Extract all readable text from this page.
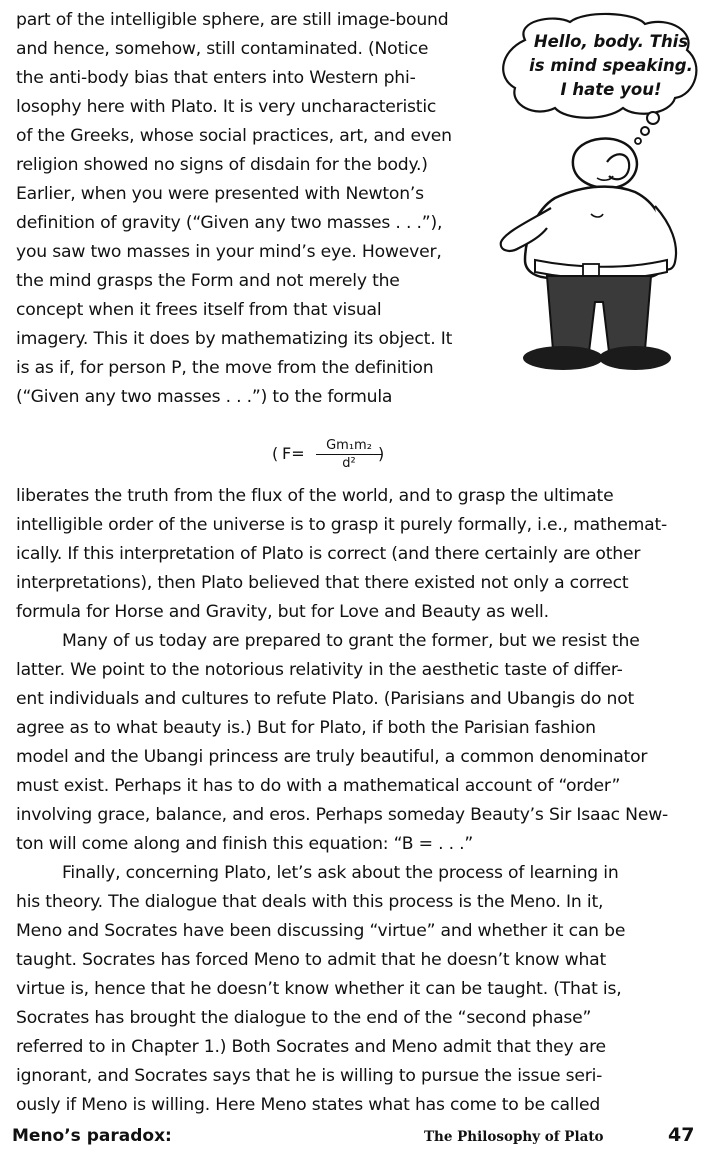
part of the intelligible sphere, are still image-bound
and hence, somehow, still contaminated. (Notice
the anti-body bias that enters into Western phi-
losophy here with Plato. It is very uncharacteristic
of the Greeks, whose social practices, art, and even
religion showed no signs of disdain for the body.)
Earlier, when you were presented with Newton’s
definition of gravity (“Given any two masses . . .”),
you saw two masses in your mind’s eye. However,
the mind grasps the Form and not merely the
concept when it frees itself from that visual
imagery. This it does by mathematizing its object. It
is as if, for person P, the move from the definition
(“Given any two masses . . .”) to the formula
( $F= \frac{\text{Gm₁m₂}}{\text{d²}}$
)
liberates the truth from the flux of the world, and to grasp the ultimate
intelligible order of the universe is to grasp it purely formally, i.e., mathemat-
ically. If this interpretation of Plato is correct (and there certainly are other
interpretations), then Plato believed that there existed not only a correct
formula for Horse and Gravity, but for Love and Beauty as well.
Many of us today are prepared to grant the former, but we resist the
latter. We point to the notorious relativity in the aesthetic taste of differ-
ent individuals and cultures to refute Plato. (Parisians and Ubangis do not
agree as to what beauty is.) But for Plato, if both the Parisian fashion
model and the Ubangi princess are truly beautiful, a common denominator
must exist. Perhaps it has to do with a mathematical account of “order”
involving grace, balance, and eros. Perhaps someday Beauty’s Sir Isaac New-
ton will come along and finish this equation: “B = . . .”
Finally, concerning Plato, let’s ask about the process of learning in
his theory. The dialogue that deals with this process is the Meno. In it,
Meno and Socrates have been discussing “virtue” and whether it can be
taught. Socrates has forced Meno to admit that he doesn’t know what
virtue is, hence that he doesn’t know whether it can be taught. (That is,
Socrates has brought the dialogue to the end of the “second phase”
referred to in Chapter 1.) Both Socrates and Meno admit that they are
ignorant, and Socrates says that he is willing to pursue the issue seri-
ously if Meno is willing. Here Meno states what has come to be called
Hello, body. This
is mind speaking.
I hate you!
Meno’s paradox:	The Philosophy of Plato	47
